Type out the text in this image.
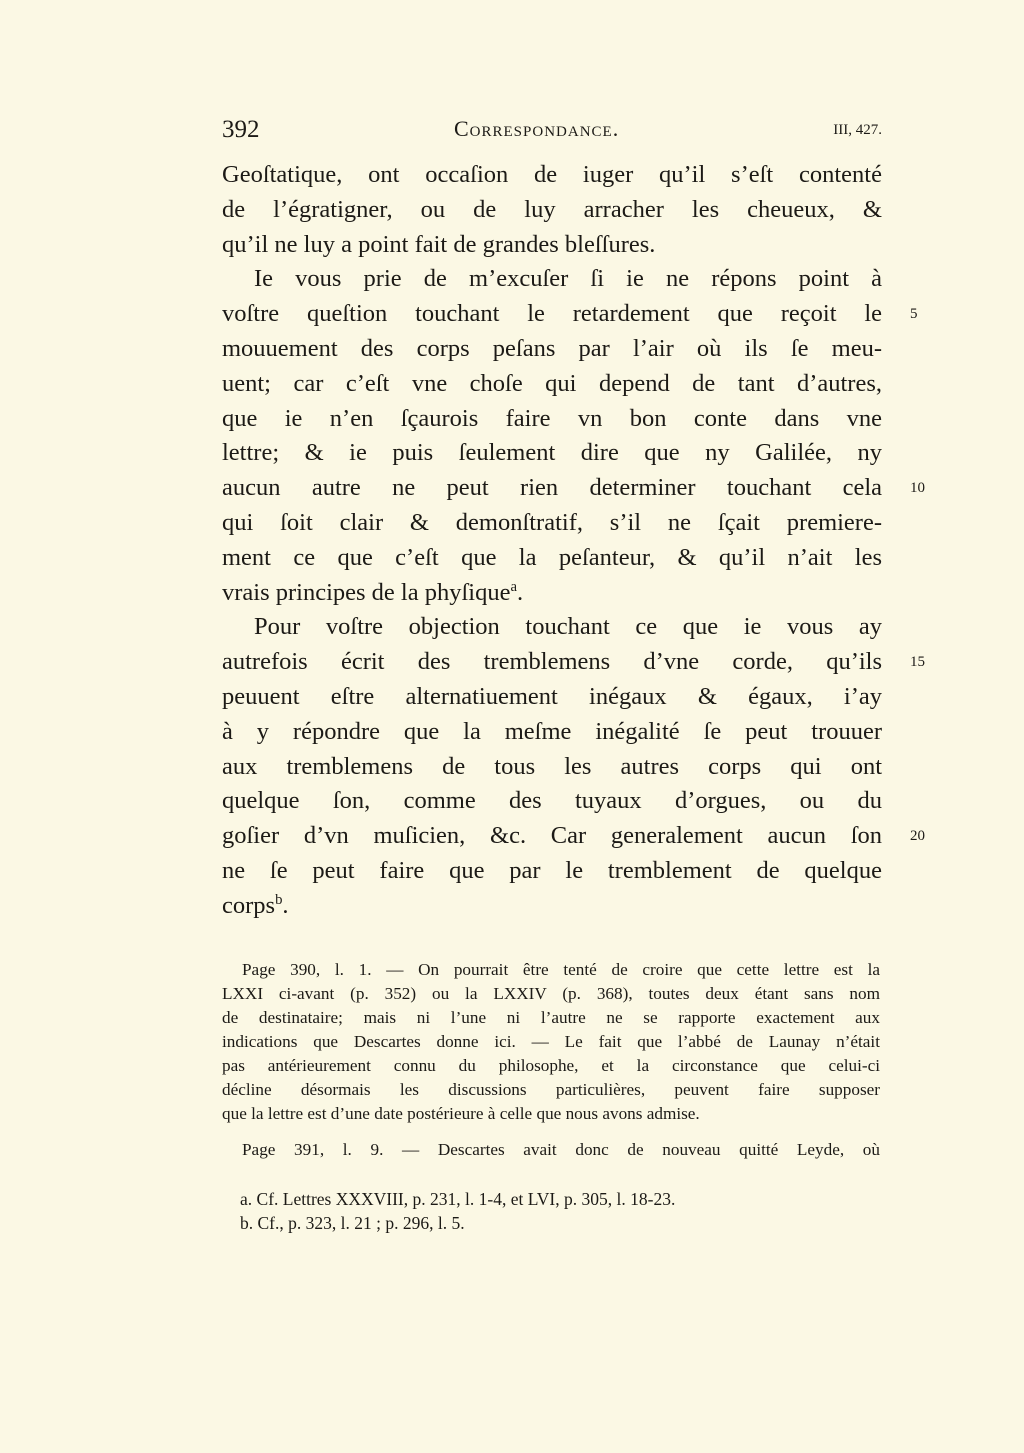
392	Correspondance.	III, 427.
Geoſtatique, ont occaſion de iuger qu’il s’eſt contenté
de l’égratigner, ou de luy arracher les cheueux, &
qu’il ne luy a point fait de grandes bleſſures.
Ie vous prie de m’excuſer ſi ie ne répons point à
voſtre queſtion touchant le retardement que reçoit le 5
mouuement des corps peſans par l’air où ils ſe meu-
uent; car c’eſt vne choſe qui depend de tant d’autres,
que ie n’en ſçaurois faire vn bon conte dans vne
lettre; & ie puis ſeulement dire que ny Galilée, ny
aucun autre ne peut rien determiner touchant cela 10
qui ſoit clair & demonſtratif, s’il ne ſçait premiere-
ment ce que c’eſt que la peſanteur, & qu’il n’ait les
vrais principes de la phyſique$^a$.
Pour voſtre objection touchant ce que ie vous ay
autrefois écrit des tremblemens d’vne corde, qu’ils 15
peuuent eſtre alternatiuement inégaux & égaux, i’ay
à y répondre que la meſme inégalité ſe peut trouuer
aux tremblemens de tous les autres corps qui ont
quelque ſon, comme des tuyaux d’orgues, ou du
goſier d’vn muſicien, &c. Car generalement aucun ſon 20
ne ſe peut faire que par le tremblement de quelque
corps$^b$.
Page 390, l. 1. — On pourrait être tenté de croire que cette lettre est la
LXXI ci-avant (p. 352) ou la LXXIV (p. 368), toutes deux étant sans nom
de destinataire; mais ni l’une ni l’autre ne se rapporte exactement aux
indications que Descartes donne ici. — Le fait que l’abbé de Launay n’était
pas antérieurement connu du philosophe, et la circonstance que celui-ci
décline désormais les discussions particulières, peuvent faire supposer
que la lettre est d’une date postérieure à celle que nous avons admise.
Page 391, l. 9. — Descartes avait donc de nouveau quitté Leyde, où
a. Cf. Lettres XXXVIII, p. 231, l. 1-4, et LVI, p. 305, l. 18-23.
b. Cf., p. 323, l. 21 ; p. 296, l. 5.
